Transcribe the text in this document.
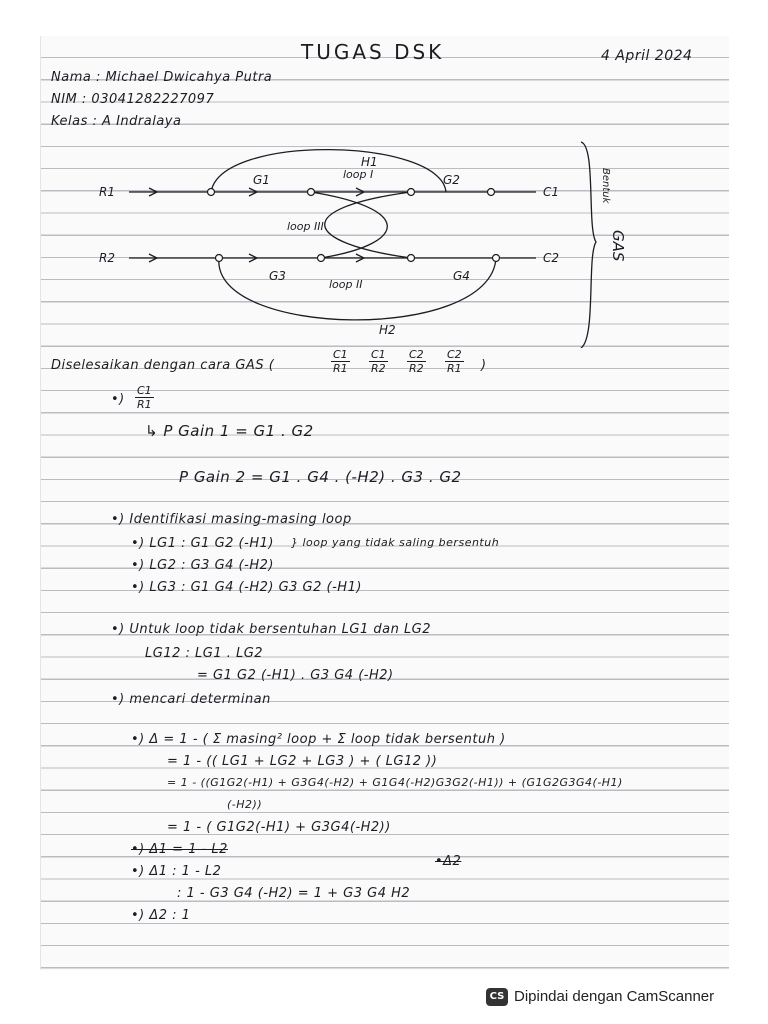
TUGAS DSK	4 April 2024
Nama : Michael Dwicahya Putra
NIM : 03041282227097
Kelas : A Indralaya
R1
R2
C1
C2
G1	G2
G3	G4
H1
H2
loop I
loop II
loop III
Bentuk
GAS
Diselesaikan dengan cara GAS (	$\frac{C1}{R1} \frac{C1}{R2} \frac{C2}{R2} \frac{C2}{R1}$ )
•) $\frac{C1}{R1}$
↳ P Gain 1 = G1 . G2
P Gain 2 = G1 . G4 . (-H2) . G3 . G2
•) Identifikasi masing-masing loop
•) LG1 : G1 G2 (-H1) } loop yang tidak saling bersentuh
•) LG2 : G3 G4 (-H2)
•) LG3 : G1 G4 (-H2) G3 G2 (-H1)
•) Untuk loop tidak bersentuhan LG1 dan LG2
LG12 : LG1 . LG2
= G1 G2 (-H1) . G3 G4 (-H2)
•) mencari determinan
•) Δ = 1 - ( Σ masing² loop + Σ loop tidak bersentuh )
= 1 - (( LG1 + LG2 + LG3 ) + ( LG12 ))
= 1 - ((G1G2(-H1) + G3G4(-H2) + G1G4(-H2)G3G2(-H1)) + (G1G2G3G4(-H1)
(-H2))
= 1 - ( G1G2(-H1) + G3G4(-H2))
•) Δ1 = 1 - L2
•Δ2
•) Δ1 : 1 - L2
: 1 - G3 G4 (-H2) = 1 + G3 G4 H2
•) Δ2 : 1
CS Dipindai dengan CamScanner
